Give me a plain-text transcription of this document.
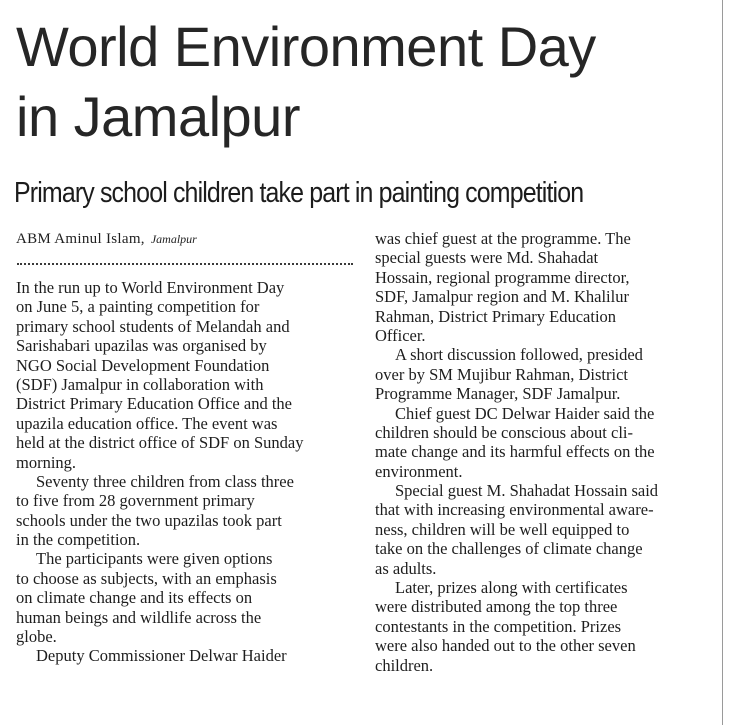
World Environment Day
in Jamalpur
Primary school children take part in painting competition
ABM Aminul Islam, Jamalpur
In the run up to World Environment Day
on June 5, a painting competition for
primary school students of Melandah and
Sarishabari upazilas was organised by
NGO Social Development Foundation
(SDF) Jamalpur in collaboration with
District Primary Education Office and the
upazila education office. The event was
held at the district office of SDF on Sunday
morning.
Seventy three children from class three
to five from 28 government primary
schools under the two upazilas took part
in the competition.
The participants were given options
to choose as subjects, with an emphasis
on climate change and its effects on
human beings and wildlife across the
globe.
Deputy Commissioner Delwar Haider
was chief guest at the programme. The
special guests were Md. Shahadat
Hossain, regional programme director,
SDF, Jamalpur region and M. Khalilur
Rahman, District Primary Education
Officer.
A short discussion followed, presided
over by SM Mujibur Rahman, District
Programme Manager, SDF Jamalpur.
Chief guest DC Delwar Haider said the
children should be conscious about cli-
mate change and its harmful effects on the
environment.
Special guest M. Shahadat Hossain said
that with increasing environmental aware-
ness, children will be well equipped to
take on the challenges of climate change
as adults.
Later, prizes along with certificates
were distributed among the top three
contestants in the competition. Prizes
were also handed out to the other seven
children.
